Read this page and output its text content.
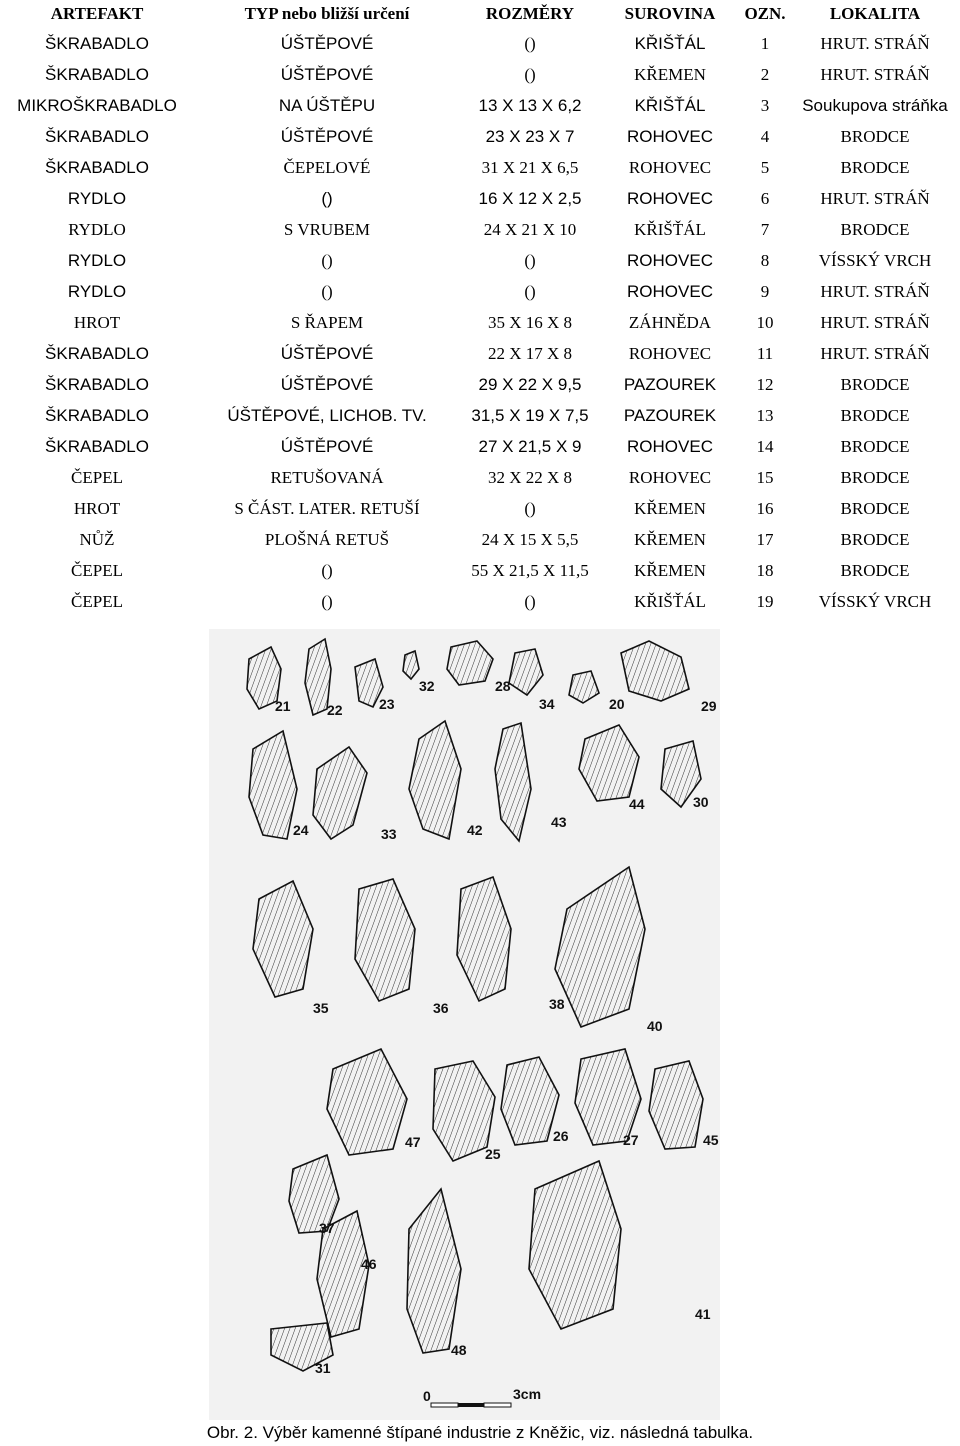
ARTEFAKT	TYP nebo bližší určení	ROZMĚRY	SUROVINA	OZN.	LOKALITA
ŠKRABADLO	ÚŠTĚPOVÉ	()	KŘIŠŤÁL	1	HRUT. STRÁŇ
ŠKRABADLO	ÚŠTĚPOVÉ	()	KŘEMEN	2	HRUT. STRÁŇ
MIKROŠKRABADLO	NA ÚŠTĚPU	13 X 13 X 6,2	KŘIŠŤÁL	3	Soukupova stráňka
ŠKRABADLO	ÚŠTĚPOVÉ	23 X 23 X 7	ROHOVEC	4	BRODCE
ŠKRABADLO	ČEPELOVÉ	31 X 21 X 6,5	ROHOVEC	5	BRODCE
RYDLO	()	16 X 12 X 2,5	ROHOVEC	6	HRUT. STRÁŇ
RYDLO	S VRUBEM	24 X 21 X 10	KŘIŠŤÁL	7	BRODCE
RYDLO	()	()	ROHOVEC	8	VÍSSKÝ VRCH
RYDLO	()	()	ROHOVEC	9	HRUT. STRÁŇ
HROT	S ŘAPEM	35 X 16 X 8	ZÁHNĚDA	10	HRUT. STRÁŇ
ŠKRABADLO	ÚŠTĚPOVÉ	22 X 17 X 8	ROHOVEC	11	HRUT. STRÁŇ
ŠKRABADLO	ÚŠTĚPOVÉ	29 X 22 X 9,5	PAZOUREK	12	BRODCE
ŠKRABADLO	ÚŠTĚPOVÉ, LICHOB. TV.	31,5 X 19 X 7,5	PAZOUREK	13	BRODCE
ŠKRABADLO	ÚŠTĚPOVÉ	27 X 21,5 X 9	ROHOVEC	14	BRODCE
ČEPEL	RETUŠOVANÁ	32 X 22 X 8	ROHOVEC	15	BRODCE
HROT	S ČÁST. LATER. RETUŠÍ	()	KŘEMEN	16	BRODCE
NŮŽ	PLOŠNÁ RETUŠ	24 X 15 X 5,5	KŘEMEN	17	BRODCE
ČEPEL	()	55 X 21,5 X 11,5	KŘEMEN	18	BRODCE
ČEPEL	()	()	KŘIŠŤÁL	19	VÍSSKÝ VRCH
21	22	23
32	28
34	20	29
24	33	42	43
44	30
35	36	38
40
47
25
26	27	45
37
46
41
48
31
0	3cm
Obr. 2. Výběr kamenné štípané industrie z Kněžic, viz. následná tabulka.
